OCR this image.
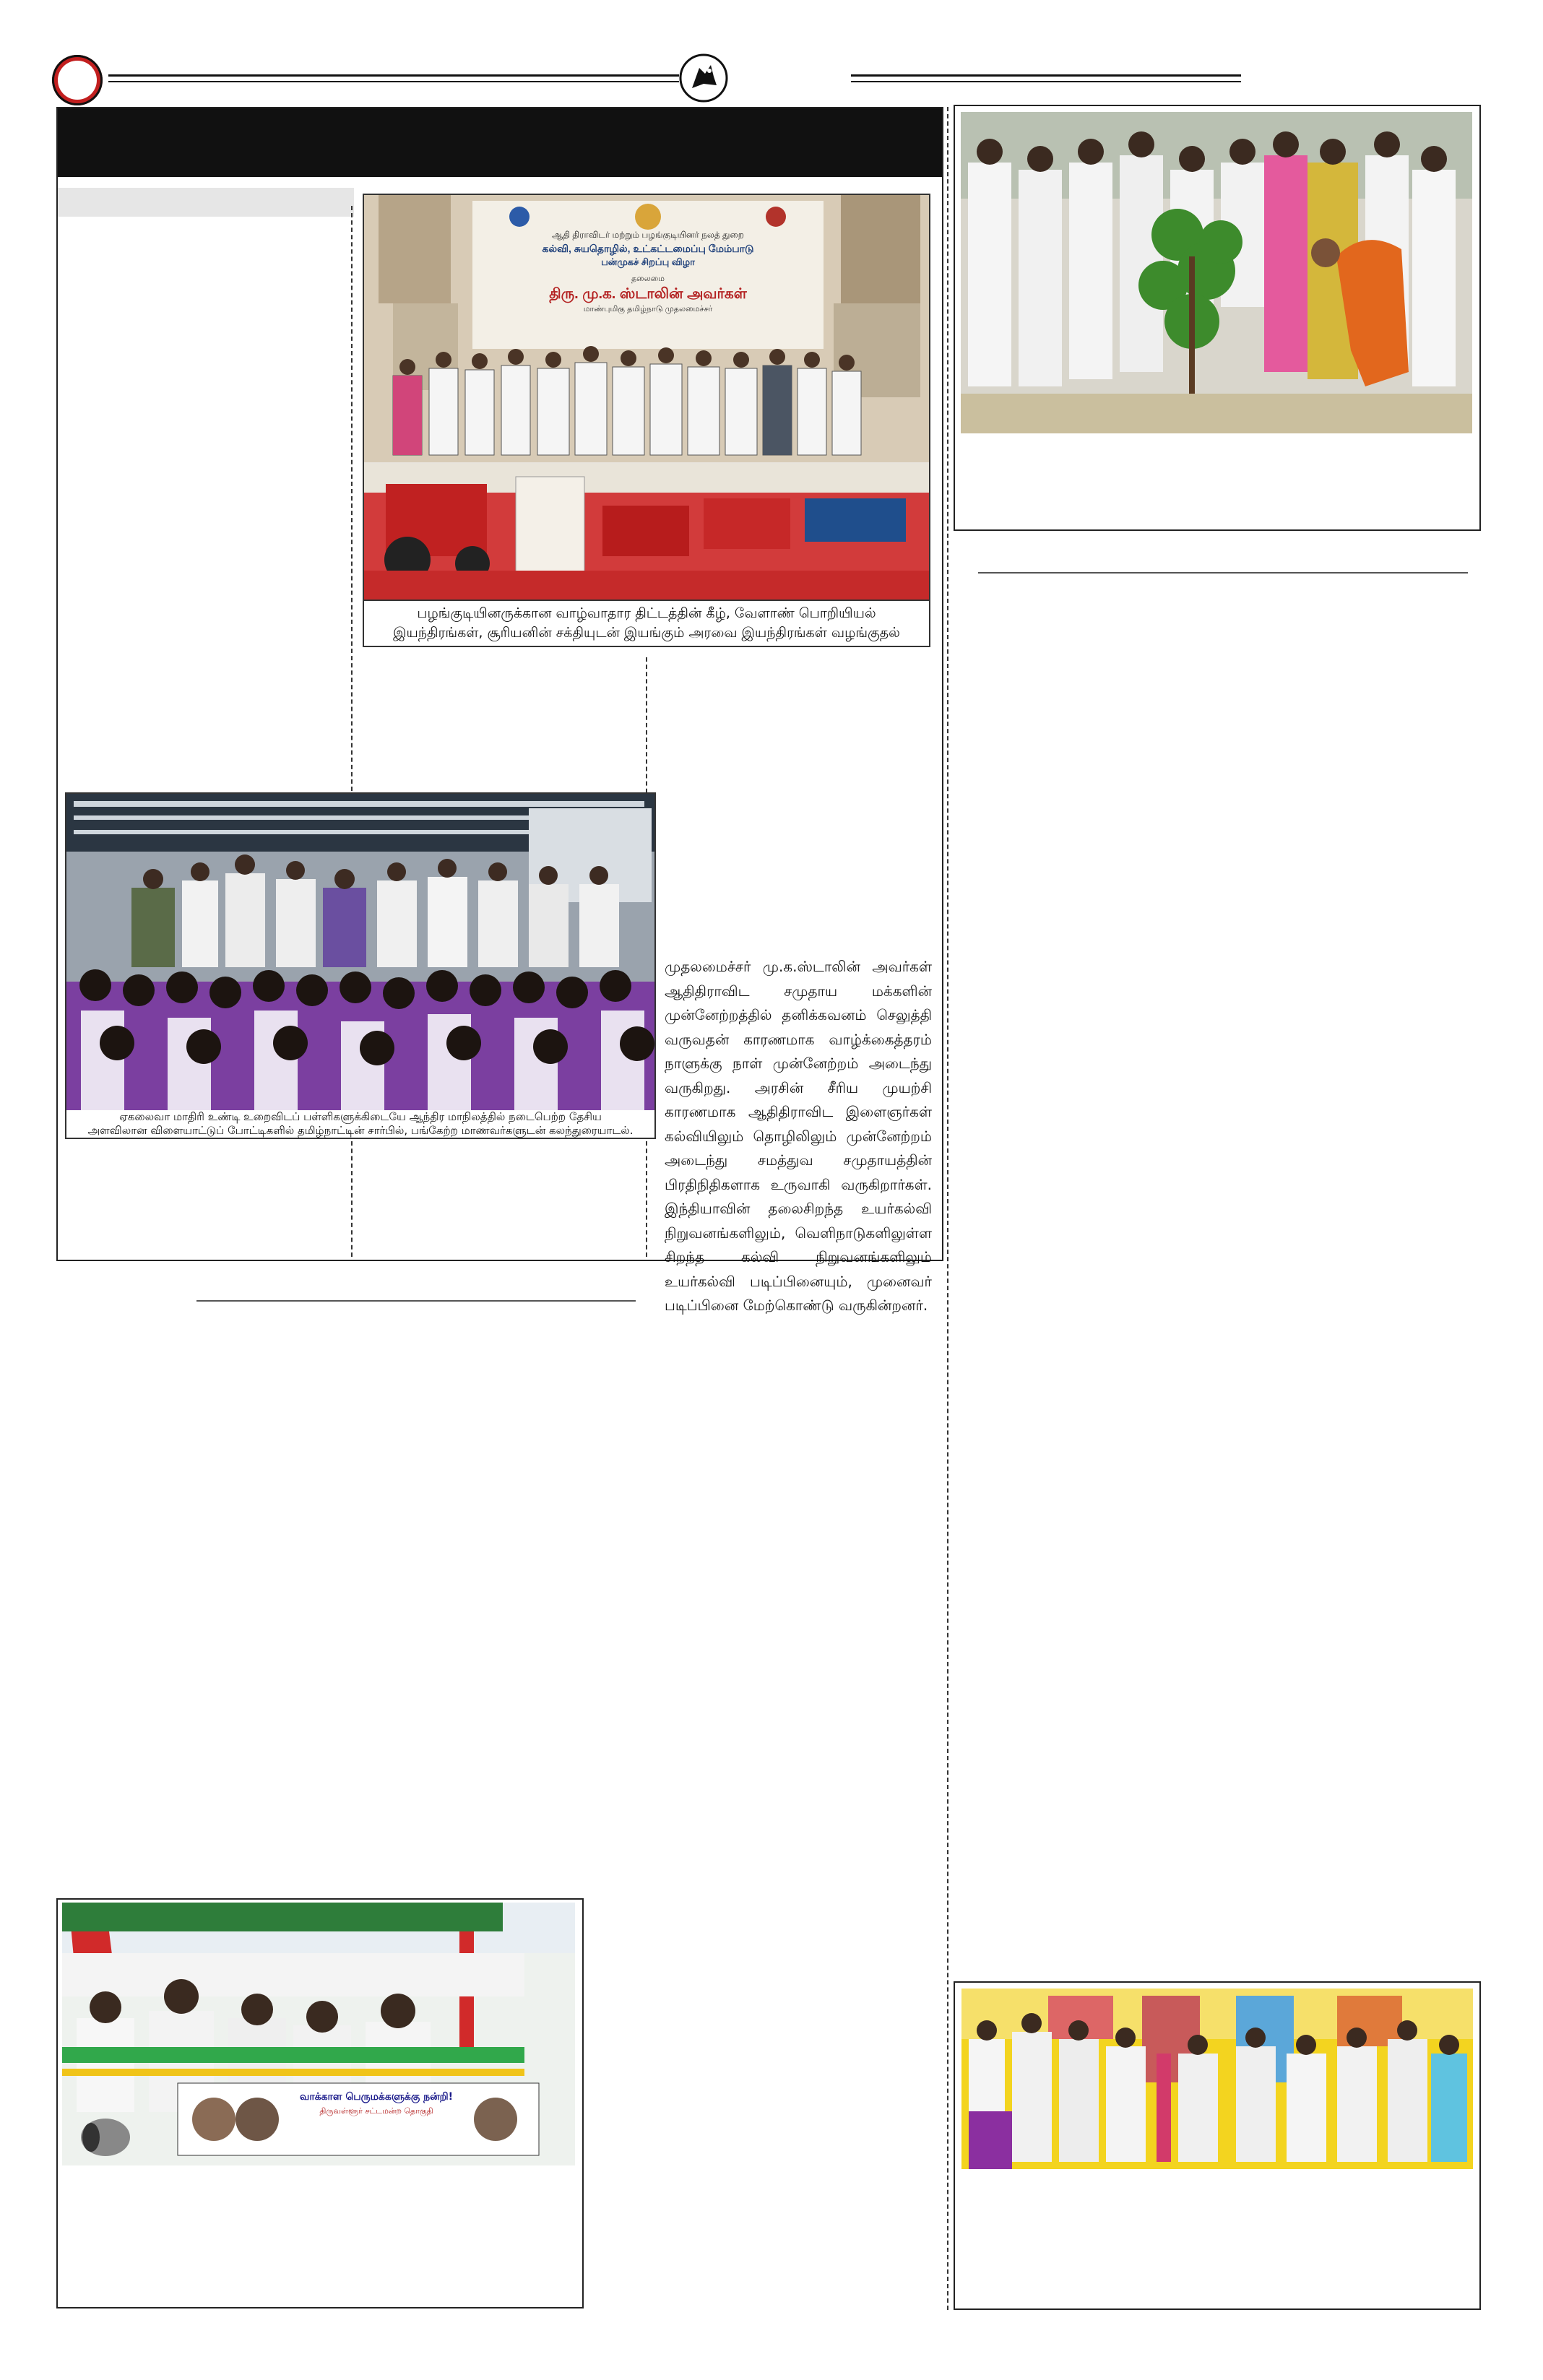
ஆதி திராவிடர் மற்றும் பழங்குடியினர் நலத் துறை
கல்வி, சுயதொழில், உட்கட்டமைப்பு மேம்பாடு
பன்முகச் சிறப்பு விழா
தலைமை
திரு. மு.க. ஸ்டாலின் அவர்கள்
மாண்புமிகு தமிழ்நாடு முதலமைச்சர்
பழங்குடியினருக்கான வாழ்வாதார திட்டத்தின் கீழ், வேளாண் பொறியியல்
இயந்திரங்கள், சூரியனின் சக்தியுடன் இயங்கும் அரவை இயந்திரங்கள் வழங்குதல்
ஏகலைவா மாதிரி உண்டி உறைவிடப் பள்ளிகளுக்கிடையே ஆந்திர மாநிலத்தில் நடைபெற்ற தேசிய
அளவிலான விளையாட்டுப் போட்டிகளில் தமிழ்நாட்டின் சார்பில், பங்கேற்ற மாணவர்களுடன் கலந்துரையாடல்.
முதலமைச்சர் மு.க.ஸ்டாலின் அவர்கள் ஆதிதிராவிட சமுதாய மக்களின் முன்னேற்றத்தில் தனிக்கவனம் செலுத்தி வருவதன் காரணமாக வாழ்க்கைத்தரம் நாளுக்கு நாள் முன்னேற்றம் அடைந்து வருகிறது. அரசின் சீரிய முயற்சி காரணமாக ஆதிதிராவிட இளைஞர்கள் கல்வியிலும் தொழிலிலும் முன்னேற்றம் அடைந்து சமத்துவ சமுதாயத்தின் பிரதிநிதிகளாக உருவாகி வருகிறார்கள். இந்தியாவின் தலைசிறந்த உயர்கல்வி நிறுவனங்களிலும், வெளிநாடுகளிலுள்ள சிறந்த கல்வி நிறுவனங்களிலும் உயர்கல்வி படிப்பினையும், முனைவர் படிப்பினை மேற்கொண்டு வருகின்றனர்.
வாக்காள பெருமக்களுக்கு நன்றி!
திருவள்ளூர் சட்டமன்ற தொகுதி
